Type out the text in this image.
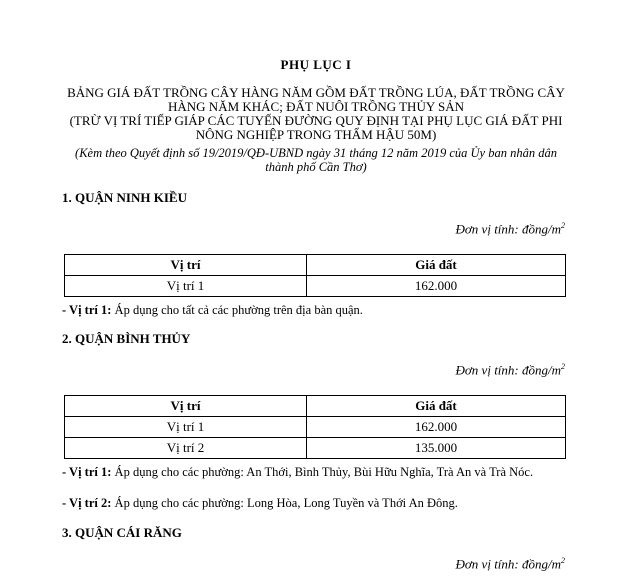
PHỤ LỤC I
BẢNG GIÁ ĐẤT TRỒNG CÂY HÀNG NĂM GỒM ĐẤT TRỒNG LÚA, ĐẤT TRỒNG CÂY
HÀNG NĂM KHÁC; ĐẤT NUÔI TRỒNG THỦY SẢN
(TRỪ VỊ TRÍ TIẾP GIÁP CÁC TUYẾN ĐƯỜNG QUY ĐỊNH TẠI PHỤ LỤC GIÁ ĐẤT PHI
NÔNG NGHIỆP TRONG THẨM HẬU 50M)
(Kèm theo Quyết định số 19/2019/QĐ-UBND ngày 31 tháng 12 năm 2019 của Ủy ban nhân dân
thành phố Cần Thơ)
1. QUẬN NINH KIỀU
Đơn vị tính: đồng/$m^2$
Vị trí	Giá đất
Vị trí 1	162.000
- Vị trí 1: Áp dụng cho tất cả các phường trên địa bàn quận.
2. QUẬN BÌNH THỦY
Đơn vị tính: đồng/$m^2$
Vị trí	Giá đất
Vị trí 1	162.000
Vị trí 2	135.000
- Vị trí 1: Áp dụng cho các phường: An Thới, Bình Thủy, Bùi Hữu Nghĩa, Trà An và Trà Nóc.
- Vị trí 2: Áp dụng cho các phường: Long Hòa, Long Tuyền và Thới An Đông.
3. QUẬN CÁI RĂNG
Đơn vị tính: đồng/$m^2$
